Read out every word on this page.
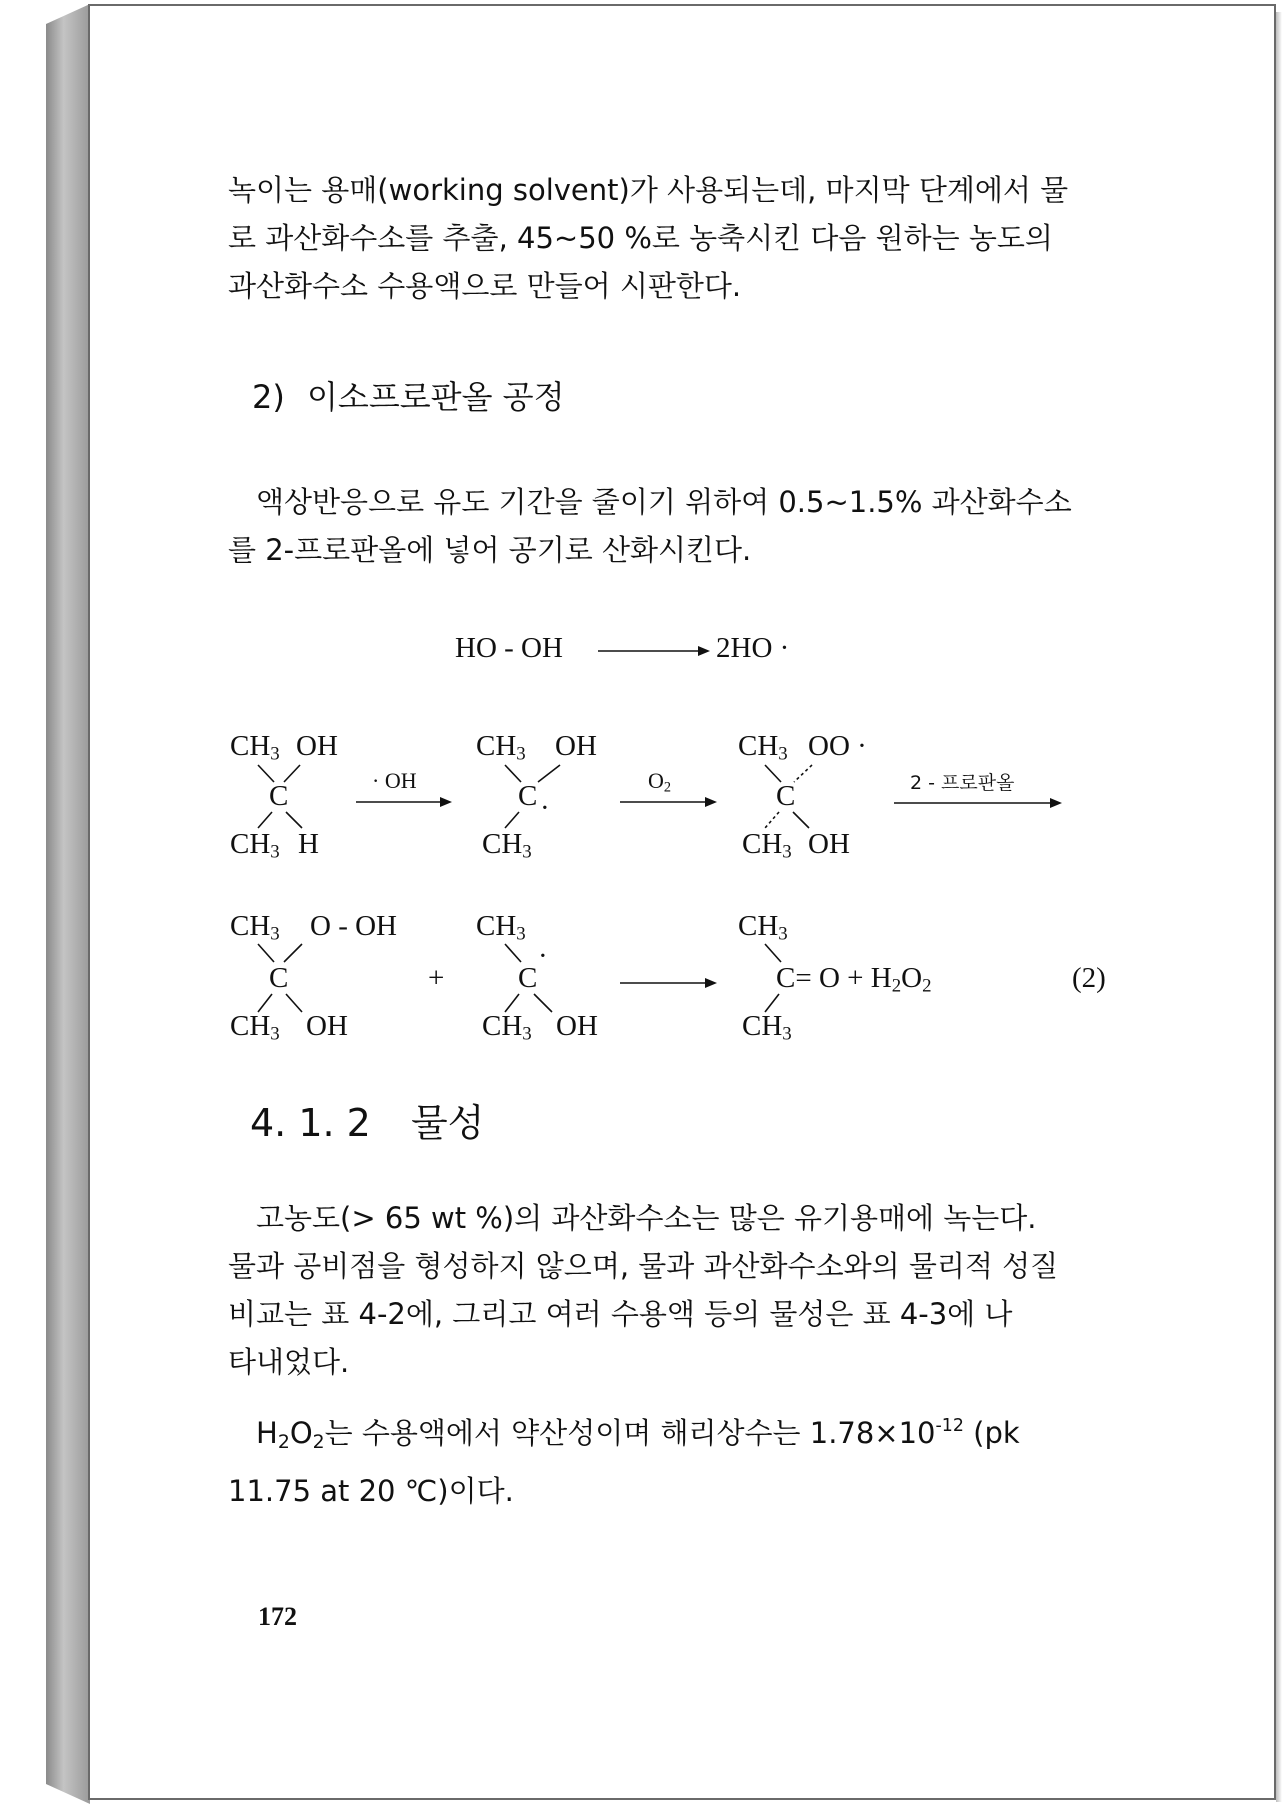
녹이는 용매(working solvent)가 사용되는데, 마지막 단계에서 물
로 과산화수소를 추출, 45~50 %로 농축시킨 다음 원하는 농도의
과산화수소 수용액으로 만들어 시판한다.
2) 이소프로판올 공정
액상반응으로 유도 기간을 줄이기 위하여 0.5~1.5% 과산화수소
를 2-프로판올에 넣어 공기로 산화시킨다.
HO - OH	2HO ·
$CH_3$ OH
C
$CH_3$ H
· OH
$CH_3$ OH
C ·
$CH_3$
$O_2$
$CH_3$ OO ·
C
$CH_3$ OH
2 - 프로판올
$CH_3$ O - OH
C
$CH_3$ OH
+
$CH_3$
C
·
$CH_3$ OH
$CH_3$
$C= O + H_2O_2$
$CH_3$
(2)
4. 1. 2 물성
고농도(> 65 wt %)의 과산화수소는 많은 유기용매에 녹는다.
물과 공비점을 형성하지 않으며, 물과 과산화수소와의 물리적 성질
비교는 표 4-2에, 그리고 여러 수용액 등의 물성은 표 4-3에 나
타내었다.
$H_2O_2$는 수용액에서 약산성이며 해리상수는 $1.78\times 10^{-12}$ (pk
11.75 at 20 ℃)이다.
172
